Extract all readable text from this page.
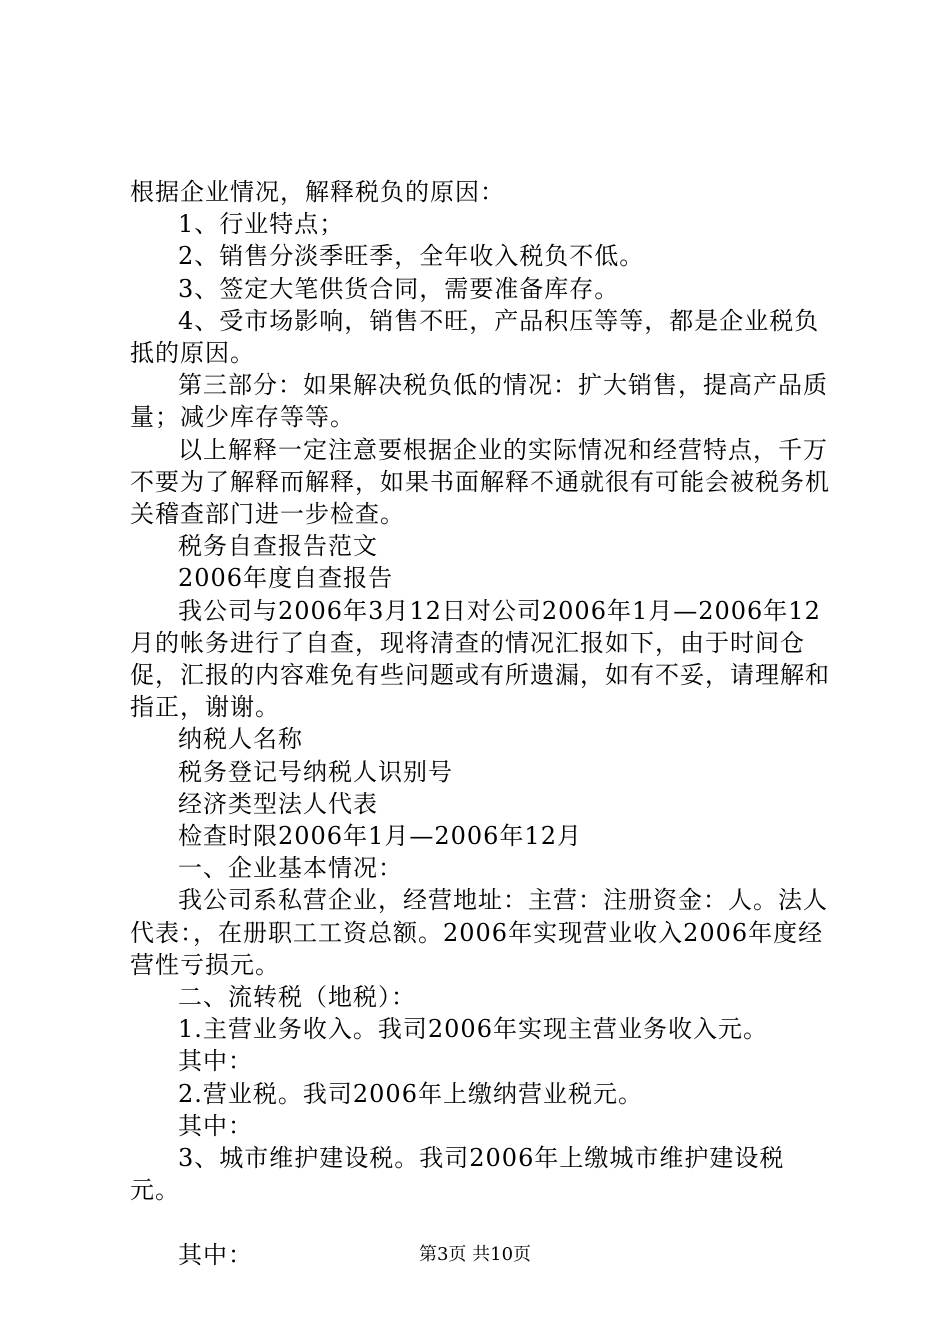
根据企业情况，解释税负的原因：

1、行业特点；

2、销售分淡季旺季，全年收入税负不低。

3、签定大笔供货合同，需要准备库存。

4、受市场影响，销售不旺，产品积压等等，都是企业税负抵的原因。

第三部分：如果解决税负低的情况：扩大销售，提高产品质量；减少库存等等。

以上解释一定注意要根据企业的实际情况和经营特点，千万不要为了解释而解释，如果书面解释不通就很有可能会被税务机关稽查部门进一步检查。

税务自查报告范文

2006年度自查报告

我公司与2006年3月12日对公司2006年1月—2006年12月的帐务进行了自查，现将清查的情况汇报如下，由于时间仓促，汇报的内容难免有些问题或有所遗漏，如有不妥，请理解和指正，谢谢。

纳税人名称

税务登记号纳税人识别号

经济类型法人代表

检查时限2006年1月—2006年12月

一、企业基本情况：

我公司系私营企业，经营地址：主营：注册资金：人。法人代表：，在册职工工资总额。2006年实现营业收入2006年度经营性亏损元。

二、流转税（地税）：

1.主营业务收入。我司2006年实现主营业务收入元。

其中：

2.营业税。我司2006年上缴纳营业税元。

其中：

3、城市维护建设税。我司2006年上缴城市维护建设税元。

其中：	第3页 共10页
